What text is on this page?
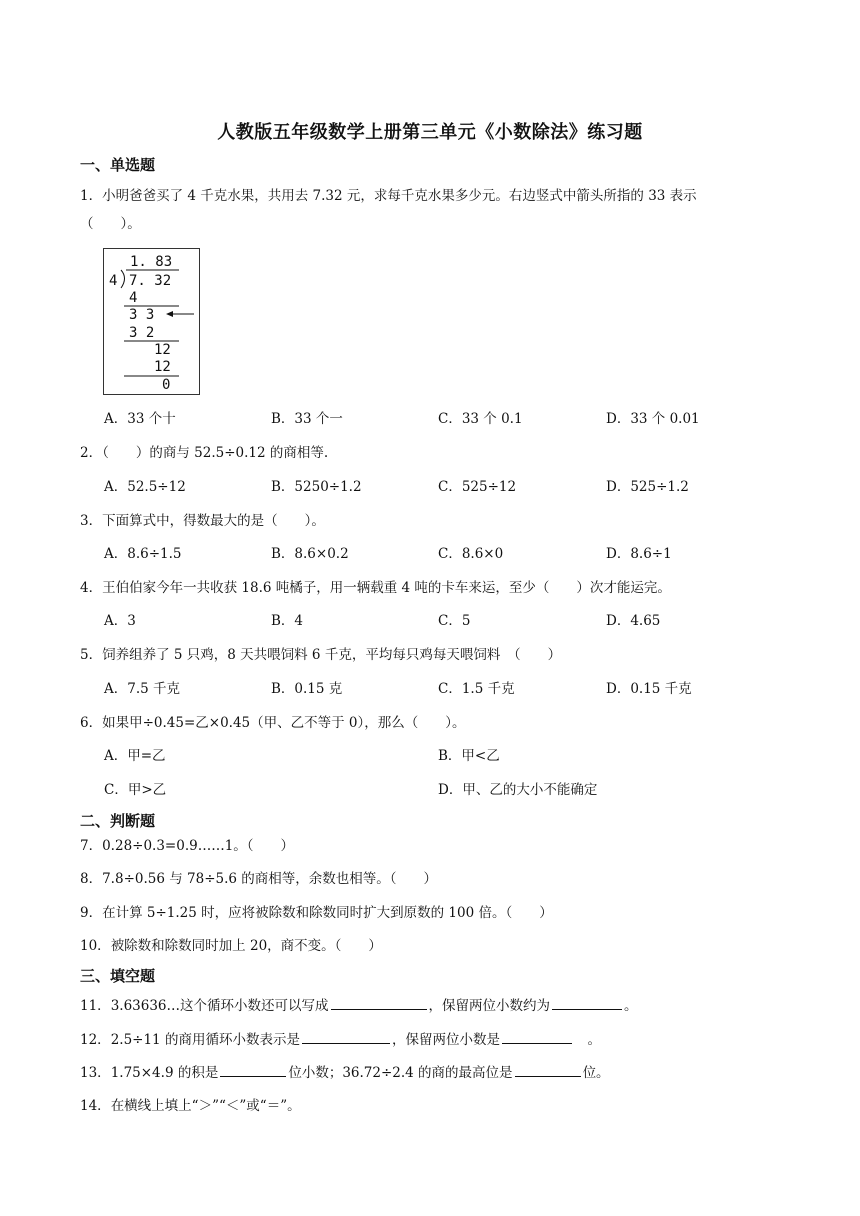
人教版五年级数学上册第三单元《小数除法》练习题
一、单选题
1．小明爸爸买了 4 千克水果，共用去 7.32 元，求每千克水果多少元。右边竖式中箭头所指的 33 表示
（　　）。
1. 83
4 7. 32
4
3 3
3 2
12
12
0
A．33 个十	B．33 个一	C．33 个 0.1	D．33 个 0.01
2．（　　）的商与 52.5÷0.12 的商相等.
A．52.5÷12	B．5250÷1.2	C．525÷12	D．525÷1.2
3．下面算式中，得数最大的是（　　）。
A．8.6÷1.5	B．8.6×0.2	C．8.6×0	D．8.6÷1
4．王伯伯家今年一共收获 18.6 吨橘子，用一辆载重 4 吨的卡车来运，至少（　　）次才能运完。
A．3	B．4	C．5	D．4.65
5．饲养组养了 5 只鸡，8 天共喂饲料 6 千克，平均每只鸡每天喂饲料　（　　）
A．7.5 千克	B．0.15 克	C．1.5 千克	D．0.15 千克
6．如果甲÷0.45=乙×0.45（甲、乙不等于 0），那么（　　）。
A．甲=乙	B．甲<乙
C．甲>乙	D．甲、乙的大小不能确定
二、判断题
7．0.28÷0.3=0.9……1。（　　）
8．7.8÷0.56 与 78÷5.6 的商相等，余数也相等。（　　）
9．在计算 5÷1.25 时，应将被除数和除数同时扩大到原数的 100 倍。（　　）
10．被除数和除数同时加上 20，商不变。（　　）
三、填空题
11．3.63636…这个循环小数还可以写成	，保留两位小数约为	。
12．2.5÷11 的商用循环小数表示是	，保留两位小数是	　。
13．1.75×4.9 的积是	位小数；36.72÷2.4 的商的最高位是	位。
14．在横线上填上“＞”“＜”或“＝”。
